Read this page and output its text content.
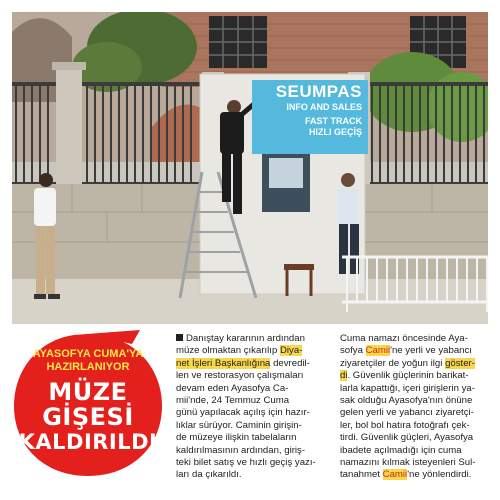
SEUMPAS
INFO AND SALES
FAST TRACK
HIZLI GEÇİŞ
AYASOFYA CUMA'YA
HAZIRLANIYOR
MÜZE
GİŞESİ
KALDIRILDI
Danıştay kararının ardından
müze olmaktan çıkarılıp Diya-
net İşleri Başkanlığına devredil-
len ve restorasyon çalışmaları
devam eden Ayasofya Ca-
mii'nde, 24 Temmuz Cuma
günü yapılacak açılış için hazır-
lıklar sürüyor. Caminin girişin-
de müzeye ilişkin tabelaların
kaldırılmasının ardından, giriş-
teki bilet satış ve hızlı geçiş yazı-
ları da çıkarıldı.
Cuma namazı öncesinde Aya-
sofya Camii'ne yerli ve yabancı
ziyaretçiler de yoğun ilgi göster-
di. Güvenlik güçlerinin barikat-
larla kapattığı, içeri girişlerin ya-
sak olduğu Ayasofya'nın önüne
gelen yerli ve yabancı ziyaretçi-
ler, bol bol hatıra fotoğrafı çek-
tirdi. Güvenlik güçleri, Ayasofya
ibadete açılmadığı için cuma
namazını kılmak isteyenleri Sul-
tanahmet Camii'ne yönlendirdi.
